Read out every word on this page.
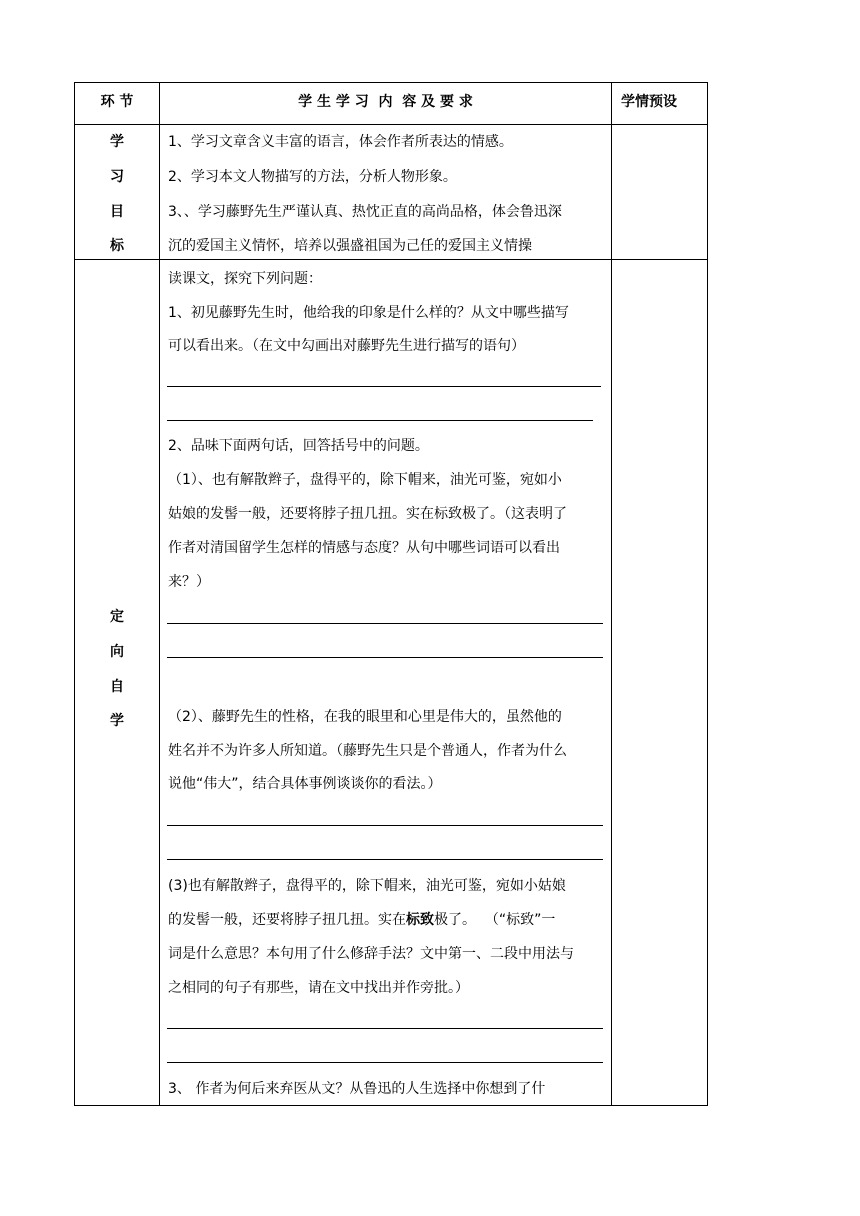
环 节	学 生 学 习  内  容 及 要 求	学情预设
学
习
目
标
1、学习文章含义丰富的语言，体会作者所表达的情感。
2、学习本文人物描写的方法，分析人物形象。
3、、学习藤野先生严谨认真、热忱正直的高尚品格，体会鲁迅深
沉的爱国主义情怀，培养以强盛祖国为己任的爱国主义情操
定
向
自
学
读课文，探究下列问题：
1、初见藤野先生时，他给我的印象是什么样的？从文中哪些描写
可以看出来。（在文中勾画出对藤野先生进行描写的语句）
2、品味下面两句话，回答括号中的问题。
（1）、也有解散辫子，盘得平的，除下帽来，油光可鉴，宛如小
姑娘的发髻一般，还要将脖子扭几扭。实在标致极了。（这表明了
作者对清国留学生怎样的情感与态度？从句中哪些词语可以看出
来？）
（2）、藤野先生的性格，在我的眼里和心里是伟大的，虽然他的
姓名并不为许多人所知道。（藤野先生只是个普通人，作者为什么
说他“伟大”，结合具体事例谈谈你的看法。）
(3)也有解散辫子，盘得平的，除下帽来，油光可鉴，宛如小姑娘
的发髻一般，还要将脖子扭几扭。实在标致极了。  （“标致”一
词是什么意思？本句用了什么修辞手法？文中第一、二段中用法与
之相同的句子有那些，请在文中找出并作旁批。）
3、 作者为何后来弃医从文？从鲁迅的人生选择中你想到了什
